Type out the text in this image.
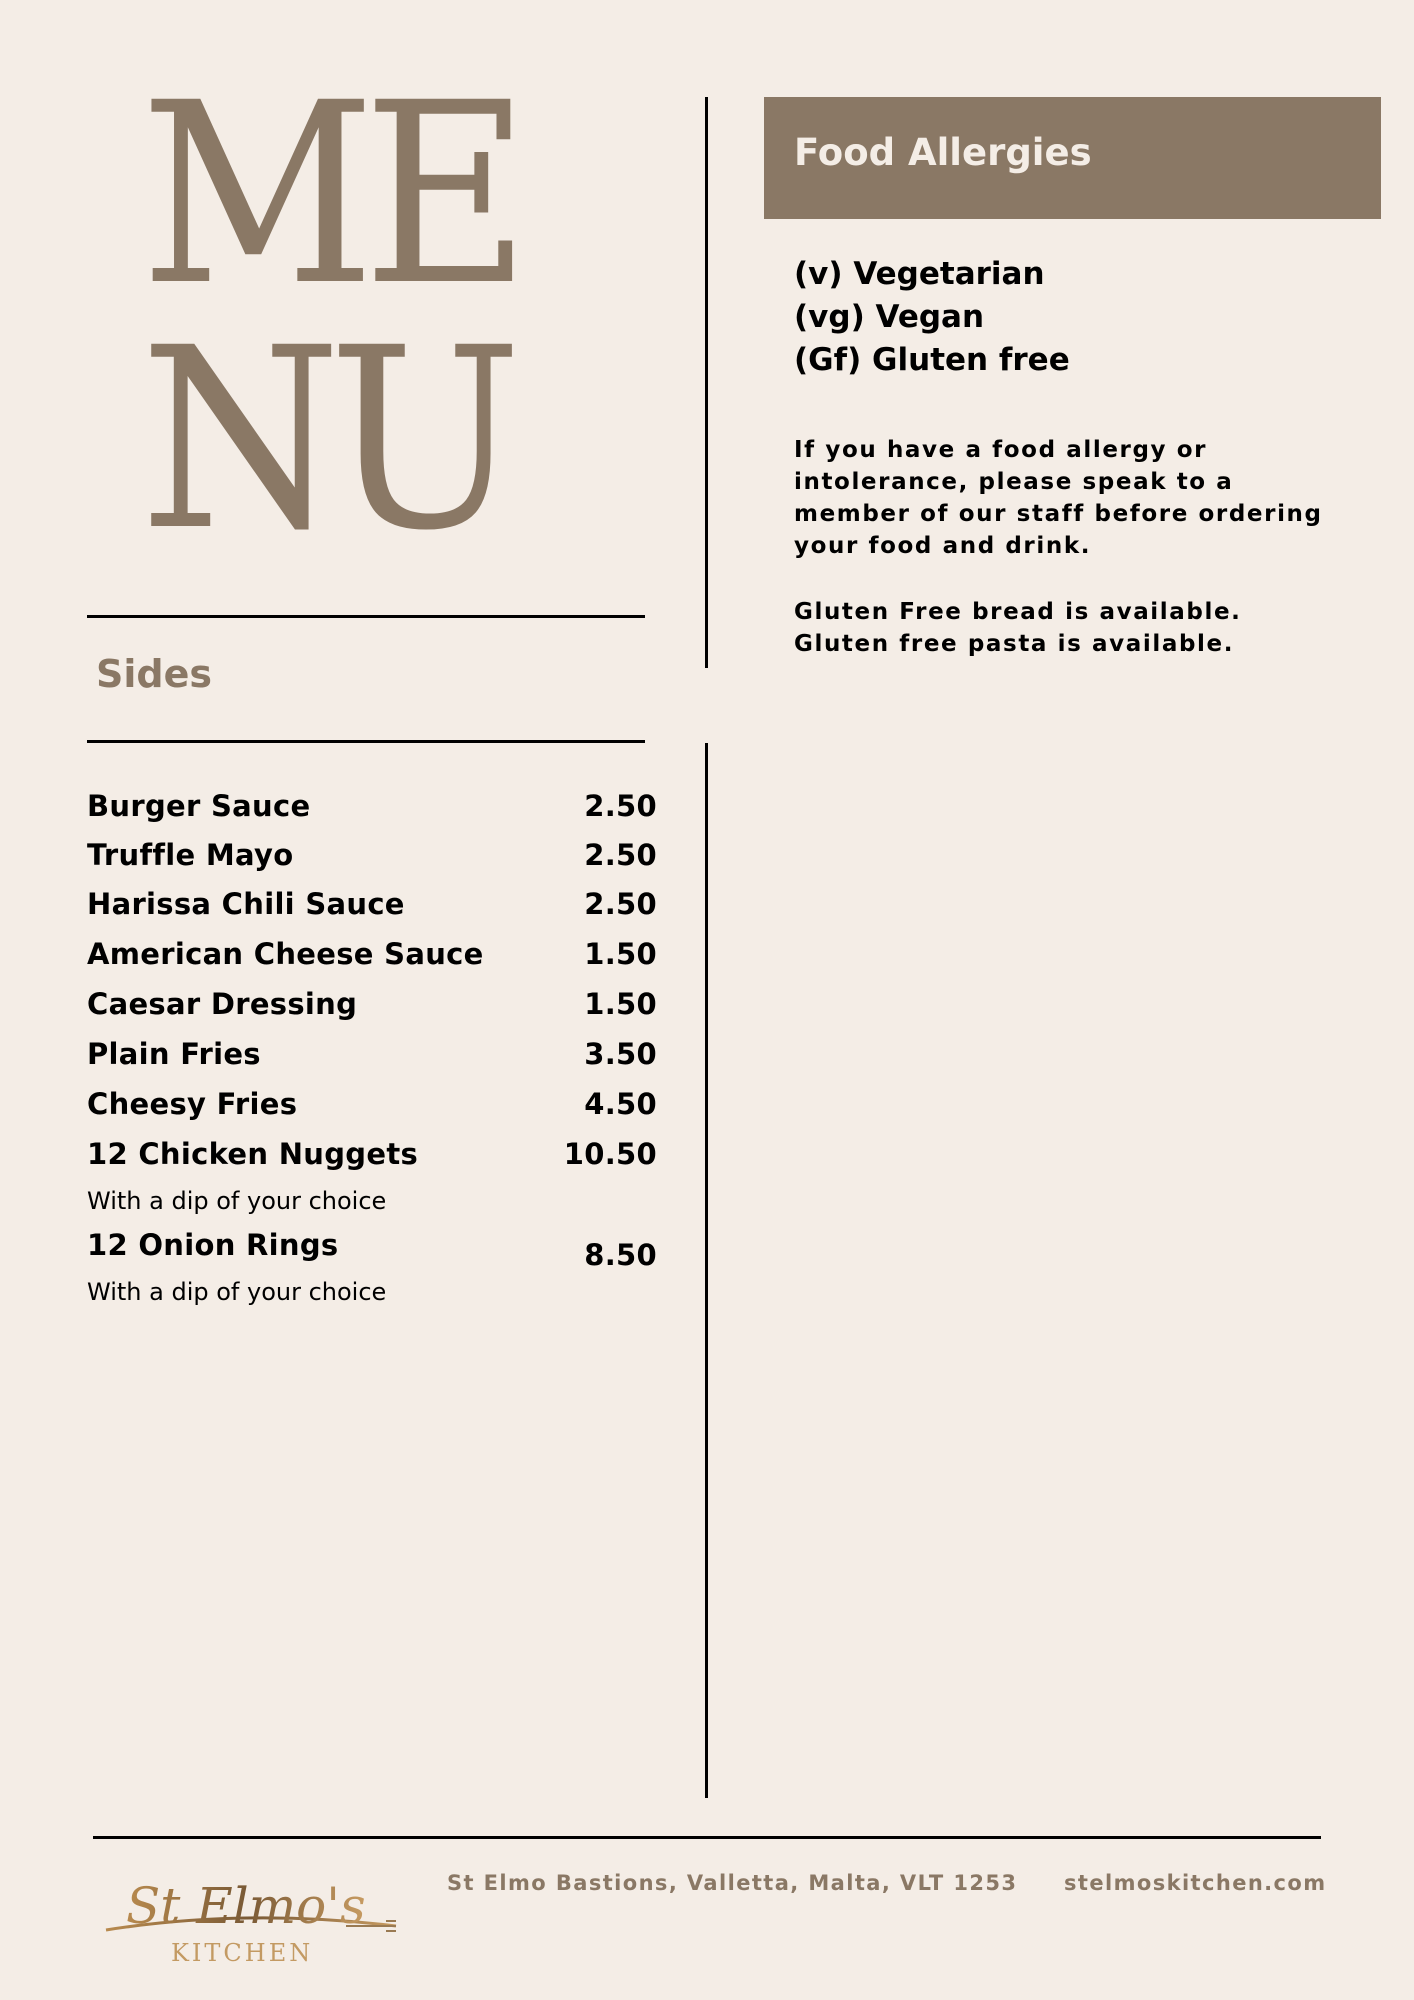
ME
NU
Sides
Burger Sauce	2.50
Truffle Mayo	2.50
Harissa Chili Sauce	2.50
American Cheese Sauce	1.50
Caesar Dressing	1.50
Plain Fries	3.50
Cheesy Fries	4.50
12 Chicken Nuggets	10.50
With a dip of your choice
12 Onion Rings	8.50
With a dip of your choice
Food Allergies
(v) Vegetarian
(vg) Vegan
(Gf) Gluten free
If you have a food allergy or intolerance, please speak to a member of our staff before ordering your food and drink.
Gluten Free bread is available.
Gluten free pasta is available.
St Elmo's
KITCHEN
St Elmo Bastions, Valletta, Malta, VLT 1253 stelmoskitchen.com
